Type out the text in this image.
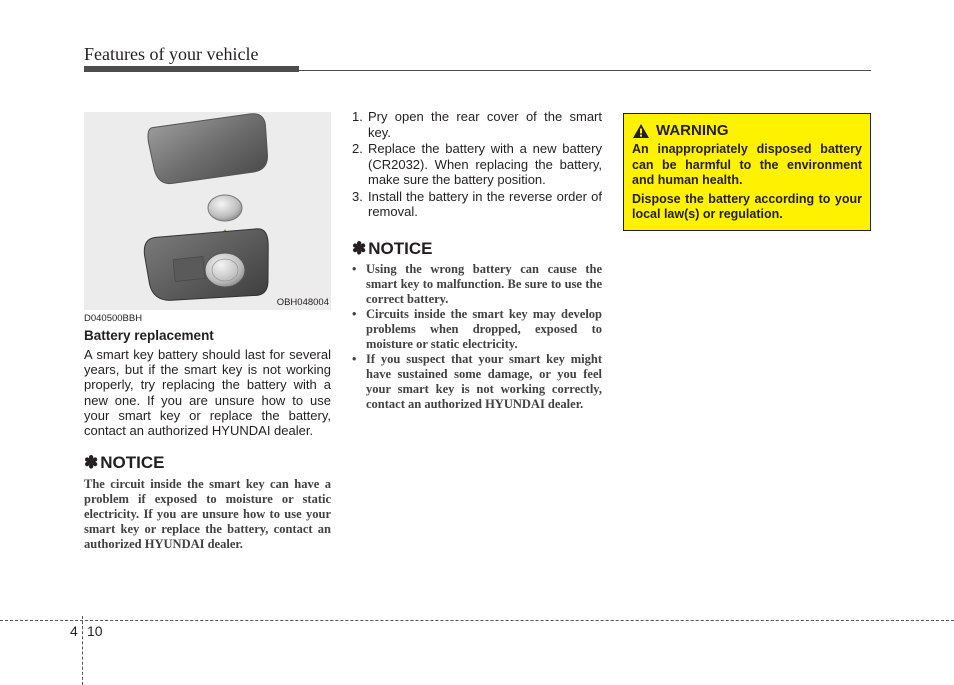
Features of your vehicle
OBH048004
D040500BBH
Battery replacement
A smart key battery should last for several years, but if the smart key is not working properly, try replacing the battery with a new one. If you are unsure how to use your smart key or replace the battery, contact an authorized HYUNDAI dealer.
✽ NOTICE
The circuit inside the smart key can have a problem if exposed to moisture or static electricity. If you are unsure how to use your smart key or replace the battery, contact an authorized HYUNDAI dealer.
1. Pry open the rear cover of the smart key.
2. Replace the battery with a new battery (CR2032). When replacing the battery, make sure the battery position.
3. Install the battery in the reverse order of removal.
✽ NOTICE
• Using the wrong battery can cause the smart key to malfunction. Be sure to use the correct battery.
• Circuits inside the smart key may develop problems when dropped, exposed to moisture or static electricity.
• If you suspect that your smart key might have sustained some damage, or you feel your smart key is not working correctly, contact an authorized HYUNDAI dealer.
WARNING

An inappropriately disposed battery can be harmful to the environment and human health.

Dispose the battery according to your local law(s) or regulation.

4 10
